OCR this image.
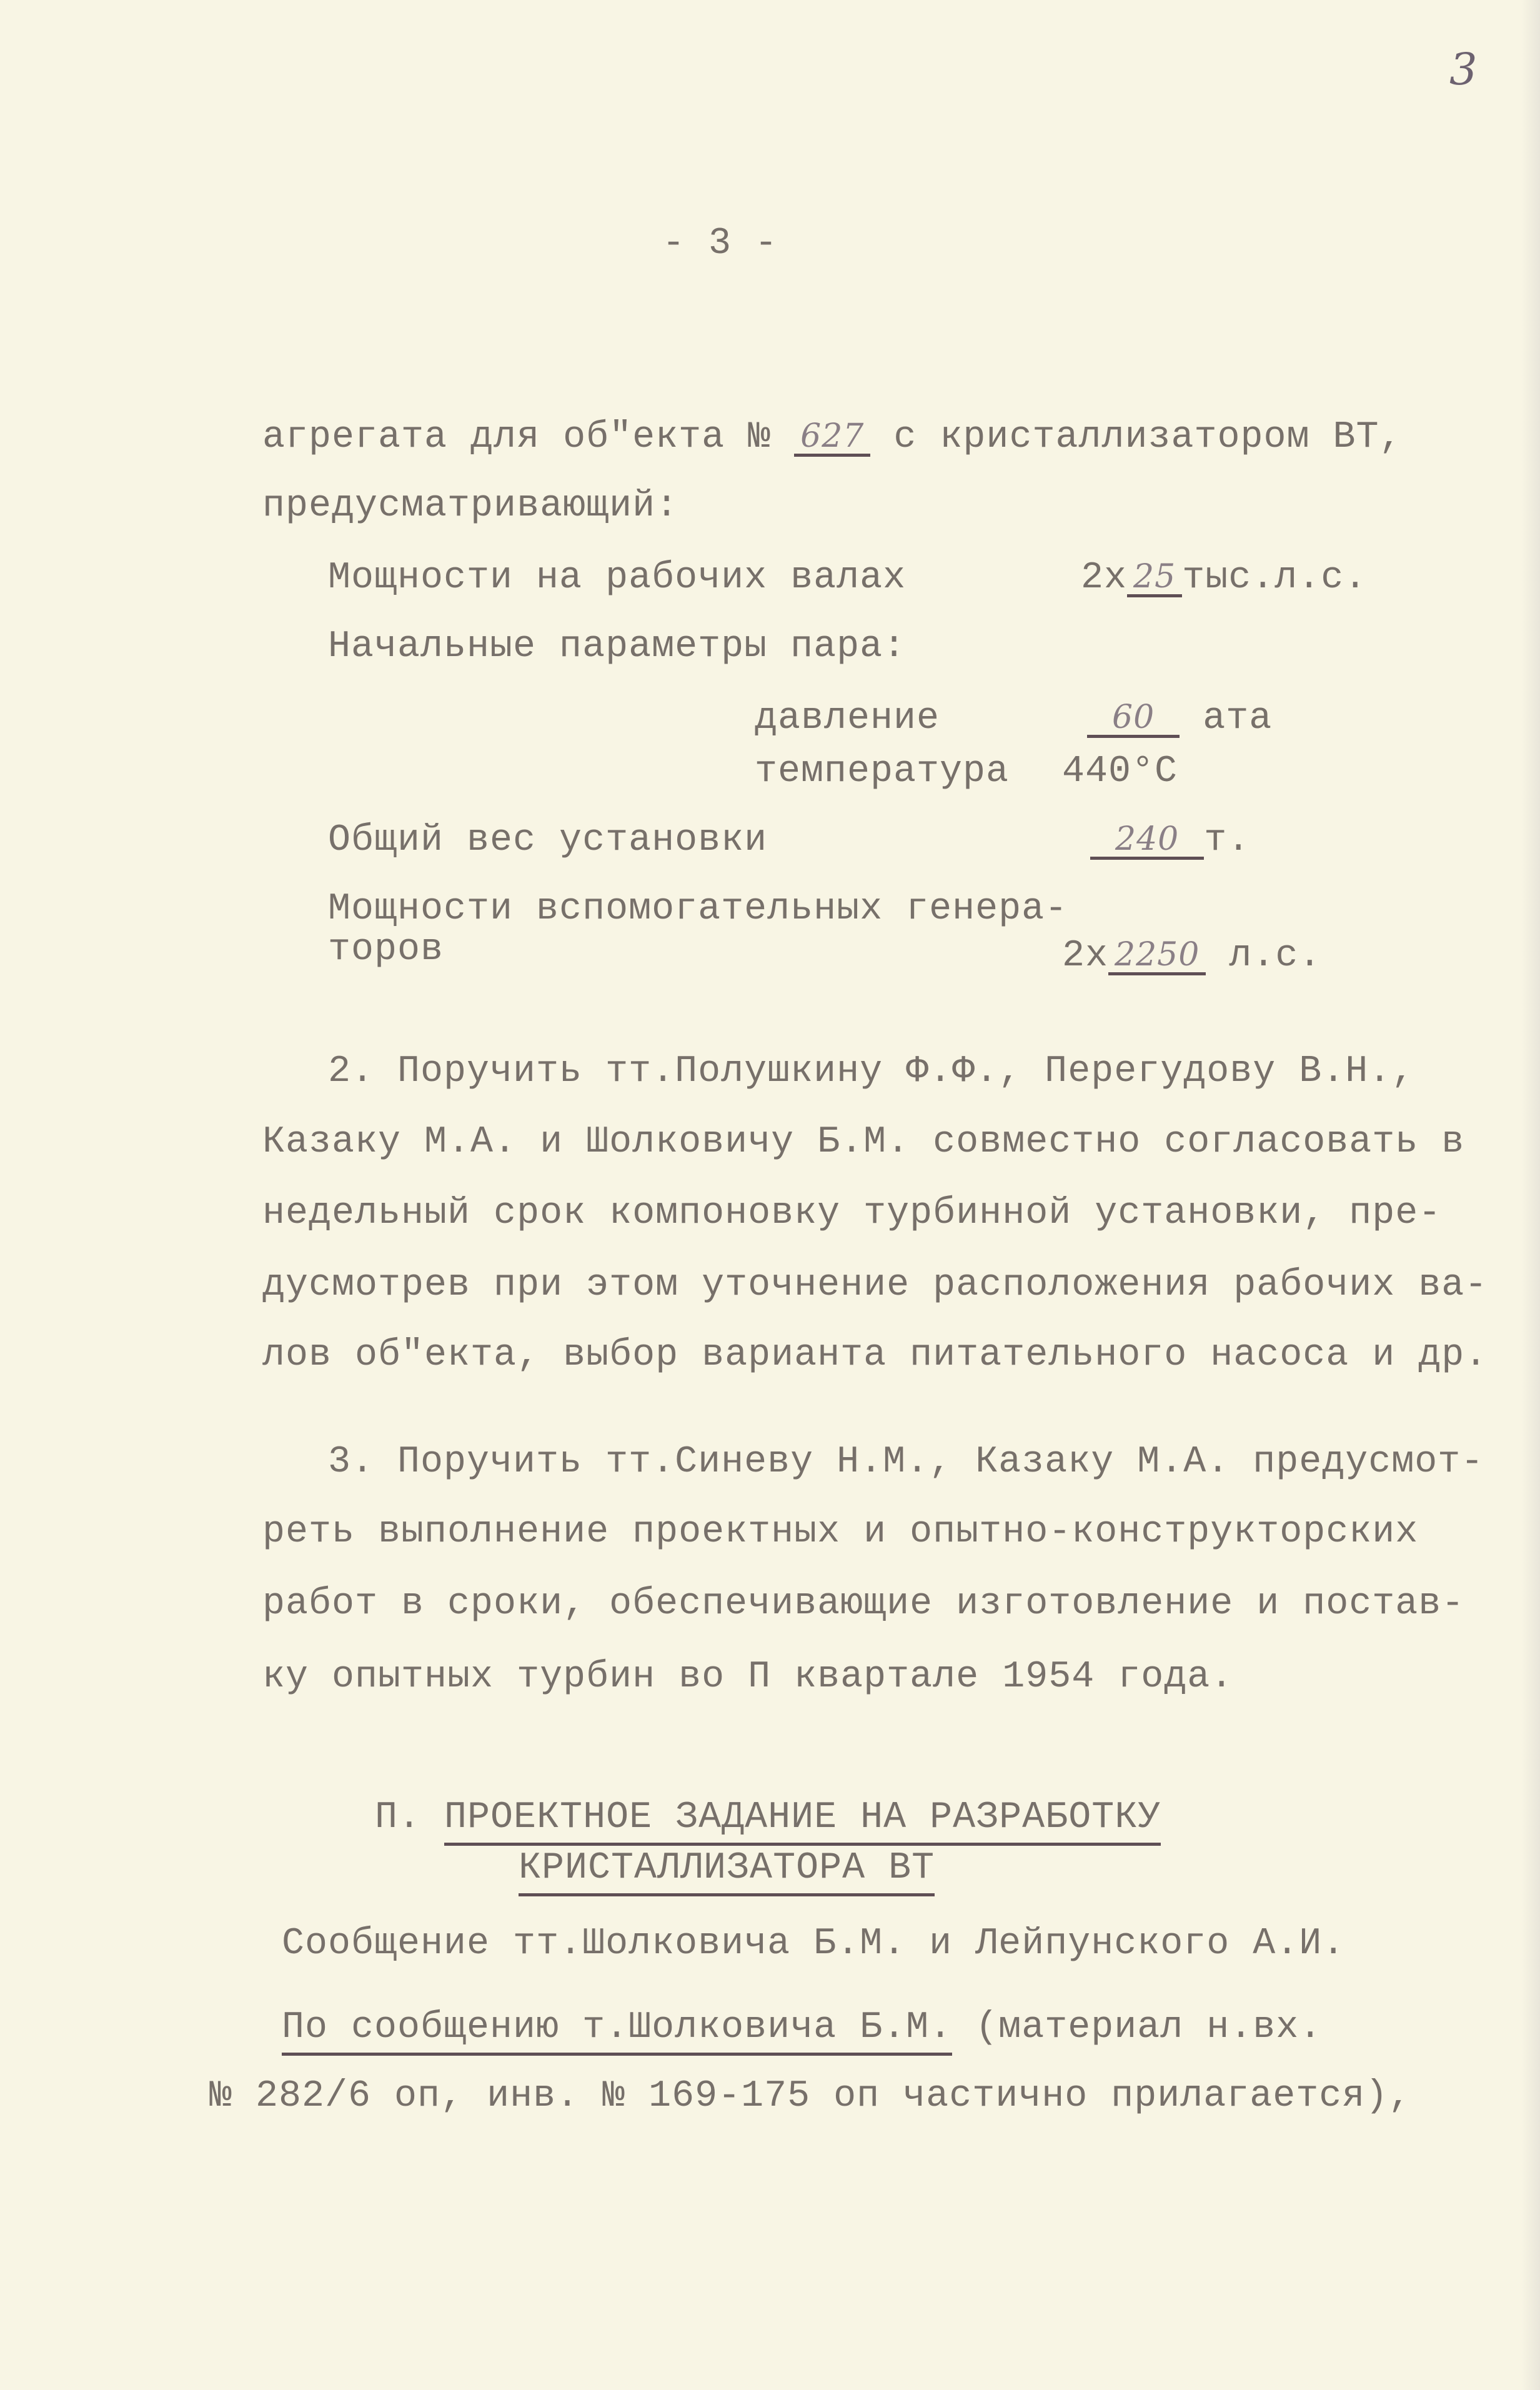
3
- 3 -
агрегата для об"екта № 627 с кристаллизатором ВТ,
предусматривающий:
Мощности на рабочих валах	2х 25 тыс.л.с.
Начальные параметры пара:
давление	60 ата
температура 440°С
Общий вес установки	240 т.
Мощности вспомогательных генера-
торов	2х 2250 л.с.
2. Поручить тт.Полушкину Ф.Ф., Перегудову В.Н.,
Казаку М.А. и Шолковичу Б.М. совместно согласовать в
недельный срок компоновку турбинной установки, пре-
дусмотрев при этом уточнение расположения рабочих ва-
лов об"екта, выбор варианта питательного насоса и др.
3. Поручить тт.Синеву Н.М., Казаку М.А. предусмот-
реть выполнение проектных и опытно-конструкторских
работ в сроки, обеспечивающие изготовление и постав-
ку опытных турбин во П квартале 1954 года.
П. ПРОЕКТНОЕ ЗАДАНИЕ НА РАЗРАБОТКУ
КРИСТАЛЛИЗАТОРА ВТ
Сообщение тт.Шолковича Б.М. и Лейпунского А.И.
По сообщению т.Шолковича Б.М. (материал н.вх.
№ 282/6 оп, инв. № 169-175 оп частично прилагается),
